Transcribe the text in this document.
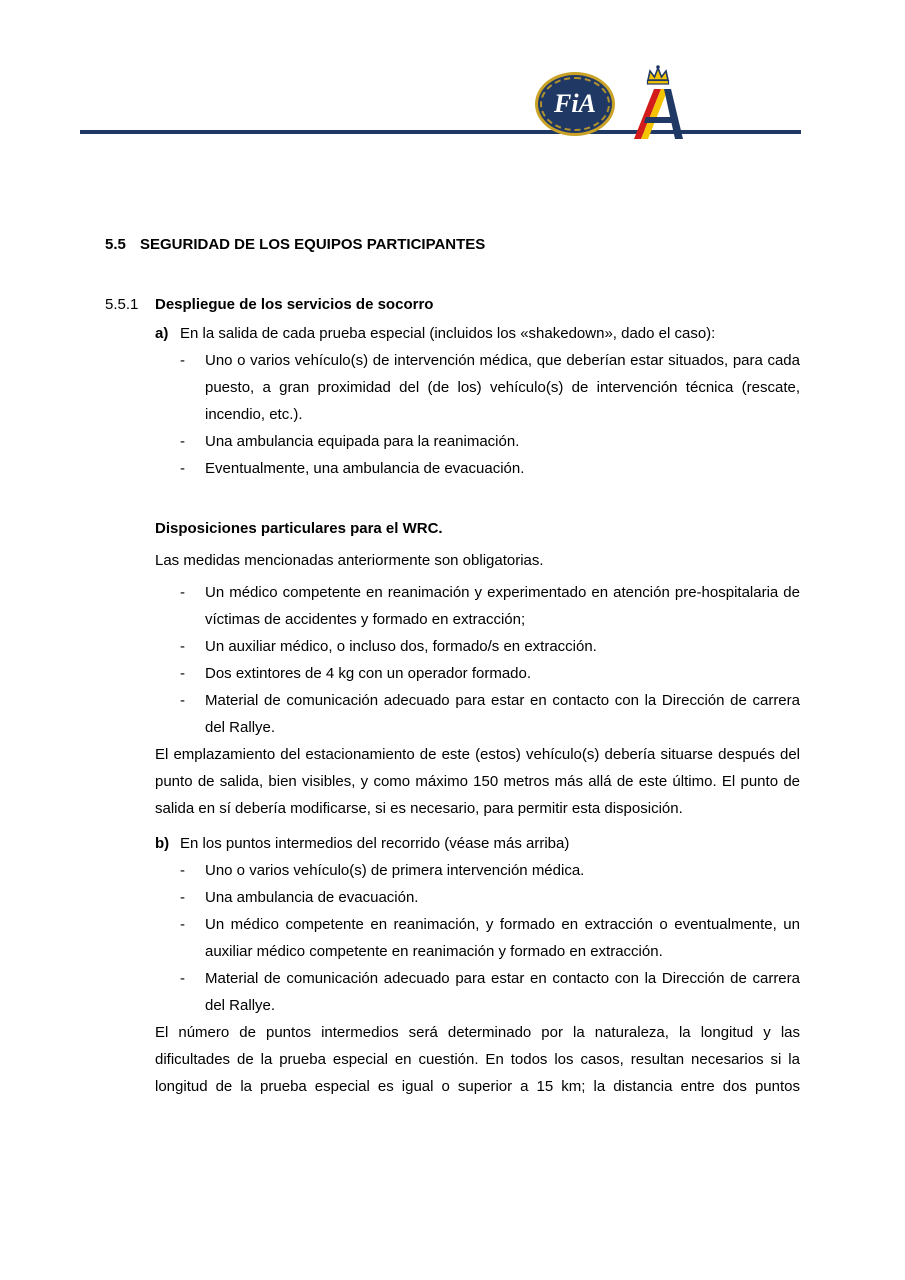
FiA
5.5 SEGURIDAD DE LOS EQUIPOS PARTICIPANTES
5.5.1	Despliegue de los servicios de socorro
a) En la salida de cada prueba especial (incluidos los «shakedown», dado el caso):
-	Uno o varios vehículo(s) de intervención médica, que deberían estar situados, para cada puesto, a gran proximidad del (de los) vehículo(s) de intervención técnica (rescate, incendio, etc.).
-	Una ambulancia equipada para la reanimación.
-	Eventualmente, una ambulancia de evacuación.
Disposiciones particulares para el WRC.
Las medidas mencionadas anteriormente son obligatorias.
-	Un médico competente en reanimación y experimentado en atención pre-hospitalaria de víctimas de accidentes y formado en extracción;
-	Un auxiliar médico, o incluso dos, formado/s en extracción.
-	Dos extintores de 4 kg con un operador formado.
-	Material de comunicación adecuado para estar en contacto con la Dirección de carrera del Rallye.
El emplazamiento del estacionamiento de este (estos) vehículo(s) debería situarse después del punto de salida, bien visibles, y como máximo 150 metros más allá de este último. El punto de salida en sí debería modificarse, si es necesario, para permitir esta disposición.
b) En los puntos intermedios del recorrido (véase más arriba)
-	Uno o varios vehículo(s) de primera intervención médica.
-	Una ambulancia de evacuación.
-	Un médico competente en reanimación, y formado en extracción o eventualmente, un auxiliar médico competente en reanimación y formado en extracción.
-	Material de comunicación adecuado para estar en contacto con la Dirección de carrera del Rallye.
El número de puntos intermedios será determinado por la naturaleza, la longitud y las dificultades de la prueba especial en cuestión. En todos los casos, resultan necesarios si la longitud de la prueba especial es igual o superior a 15 km; la distancia entre dos puntos
